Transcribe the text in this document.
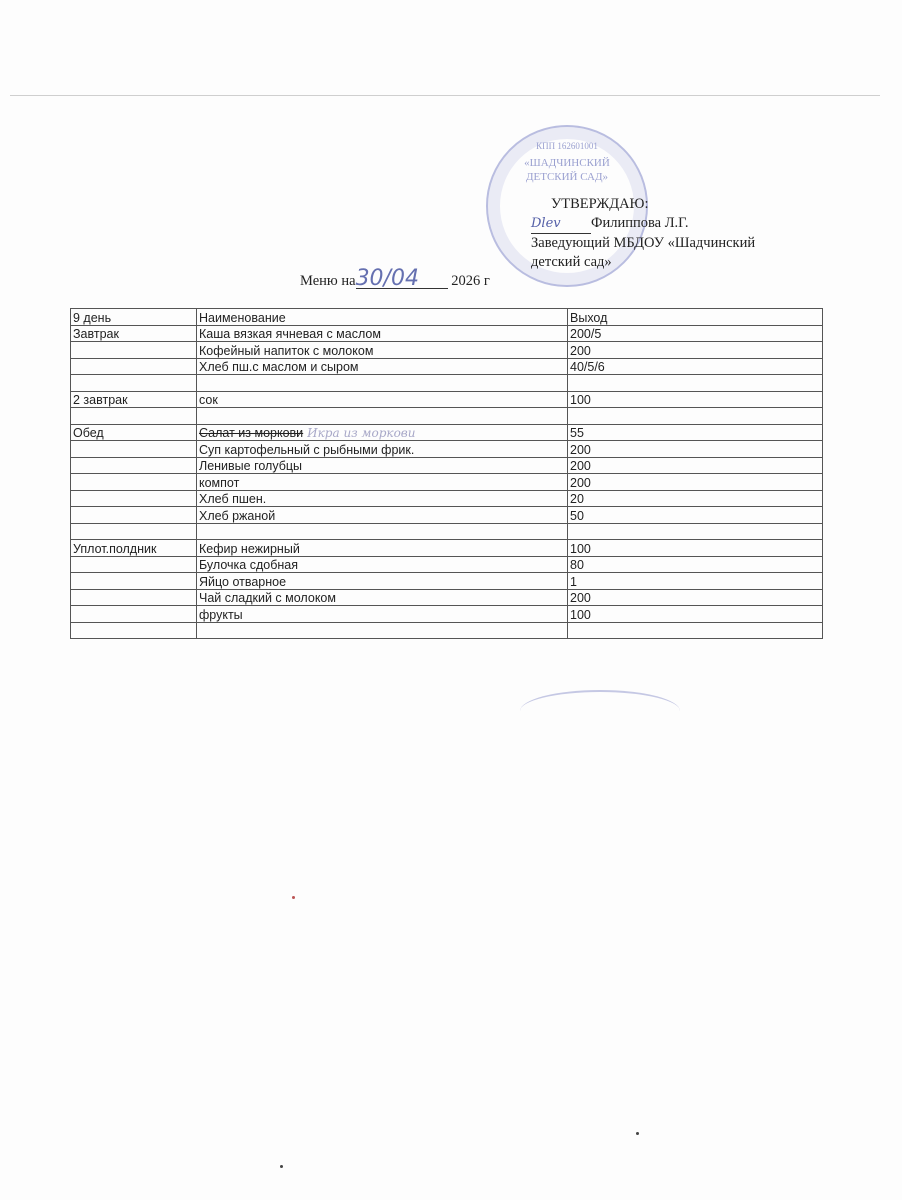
КПП 162601001
«ШАДЧИНСКИЙ
ДЕТСКИЙ САД»
УТВЕРЖДАЮ:
Dlev Филиппова Л.Г.
Заведующий МБДОУ «Шадчинский
детский сад»
Меню на30/04 2026 г
9 день	Наименование	Выход
Завтрак	Каша вязкая ячневая с маслом	200/5
	Кофейный напиток с молоком	200
	Хлеб пш.с маслом и сыром	40/5/6

2 завтрак	сок	100

Обед	Салат из моркови Икра из моркови	55
	Суп картофельный с рыбными фрик.	200
	Ленивые голубцы	200
	компот	200
	Хлеб пшен.	20
	Хлеб ржаной	50

Уплот.полдник	Кефир нежирный	100
	Булочка сдобная	80
	Яйцо отварное	1
	Чай сладкий с молоком	200
	фрукты	100
